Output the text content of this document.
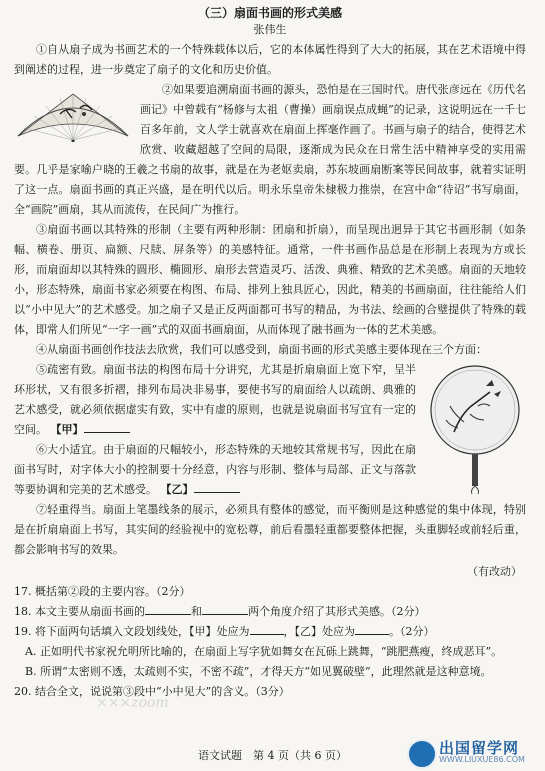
（三）扇面书画的形式美感
张伟生

①自从扇子成为书画艺术的一个特殊载体以后，它的本体属性得到了大大的拓展，其在艺术语境中得到阐述的过程，进一步奠定了扇子的文化和历史价值。

②如果要追溯扇面书画的源头，恐怕是在三国时代。唐代张彦远在《历代名画记》中曾载有“杨修与太祖（曹操）画扇误点成蝇”的记录，这说明远在一千七百多年前，文人学士就喜欢在扇面上挥毫作画了。书画与扇子的结合，使得艺术欣赏、收藏超越了空间的局限，逐渐成为民众在日常生活中精神享受的实用需要。几乎是家喻户晓的王羲之书扇的故事，就是在为老妪卖扇，苏东坡画扇断案等民间故事，就着实证明了这一点。扇面书画的真正兴盛，是在明代以后。明永乐皇帝朱棣极力推崇，在宫中命“待诏”书写扇面，全“画院”画扇，其从而流传，在民间广为推行。

③扇面书画以其特殊的形制（主要有两种形制：团扇和折扇），而呈现出迥异于其它书画形制（如条幅、横卷、册页、扁额、尺牍、屏条等）的美感特征。通常，一件书画作品总是在形制上表现为方或长形，而扇面却以其特殊的圆形、椭圆形、扇形去营造灵巧、活泼、典雅、精致的艺术美感。扇面的天地较小，形态特殊，扇面书家必须要在构图、布局、排列上独具匠心，因此，精美的书画扇面，往往能给人们以“小中见大”的艺术感受。加之扇子又是正反两面都可书写的精品，为书法、绘画的合璧提供了特殊的载体，即常人们所见“一字一画”式的双面书画扇面，从而体现了融书画为一体的艺术美感。

④从扇面书画创作技法去欣赏，我们可以感受到，扇面书画的形式美感主要体现在三个方面：

⑤疏密有致。扇面书法的构图布局十分讲究，尤其是折扇扇面上宽下窄，呈半环形状，又有很多折褶，排列布局决非易事，要使书写的扇面给人以疏朗、典雅的艺术感受，就必须依据虚实有致，实中有虚的原则，也就是说扇面书写宜有一定的空间。 【甲】

⑥大小适宜。由于扇面的尺幅较小，形态特殊的天地较其常规书写，因此在扇面书写时，对字体大小的控制要十分经意，内容与形制、整体与局部、正文与落款等要协调和完美的艺术感受。 【乙】

⑦轻重得当。扇面上笔墨线条的展示，必须具有整体的感觉，而平衡则是这种感觉的集中体现，特别是在折扇扇面上书写，其实间的经验视中的宽松尊，前后看墨轻重都要整体把握，头重脚轻或前轻后重，都会影响书写的效果。

（有改动）

17. 概括第②段的主要内容。（2分）

18. 本文主要从扇面书画的	和	两个角度介绍了其形式美感。（2分）

19. 将下面两句话填入文段划线处，【甲】处应为	，【乙】处应为	。（2分）

A. 正如明代书家祝允明所比喻的，在扇面上写字犹如舞女在瓦砾上跳舞，“跳肥燕瘦，终成恶耳”。

B. 所谓“太密则不透，太疏则不实，不密不疏”，才得天方“如见翼破壁”，此理然就是这种意境。

20. 结合全文，说说第③段中“小中见大”的含义。（3分）

×××zoom
语文试题　第 4 页（共 6 页）	出国留学网
WWW.LIUXUE86.COM
